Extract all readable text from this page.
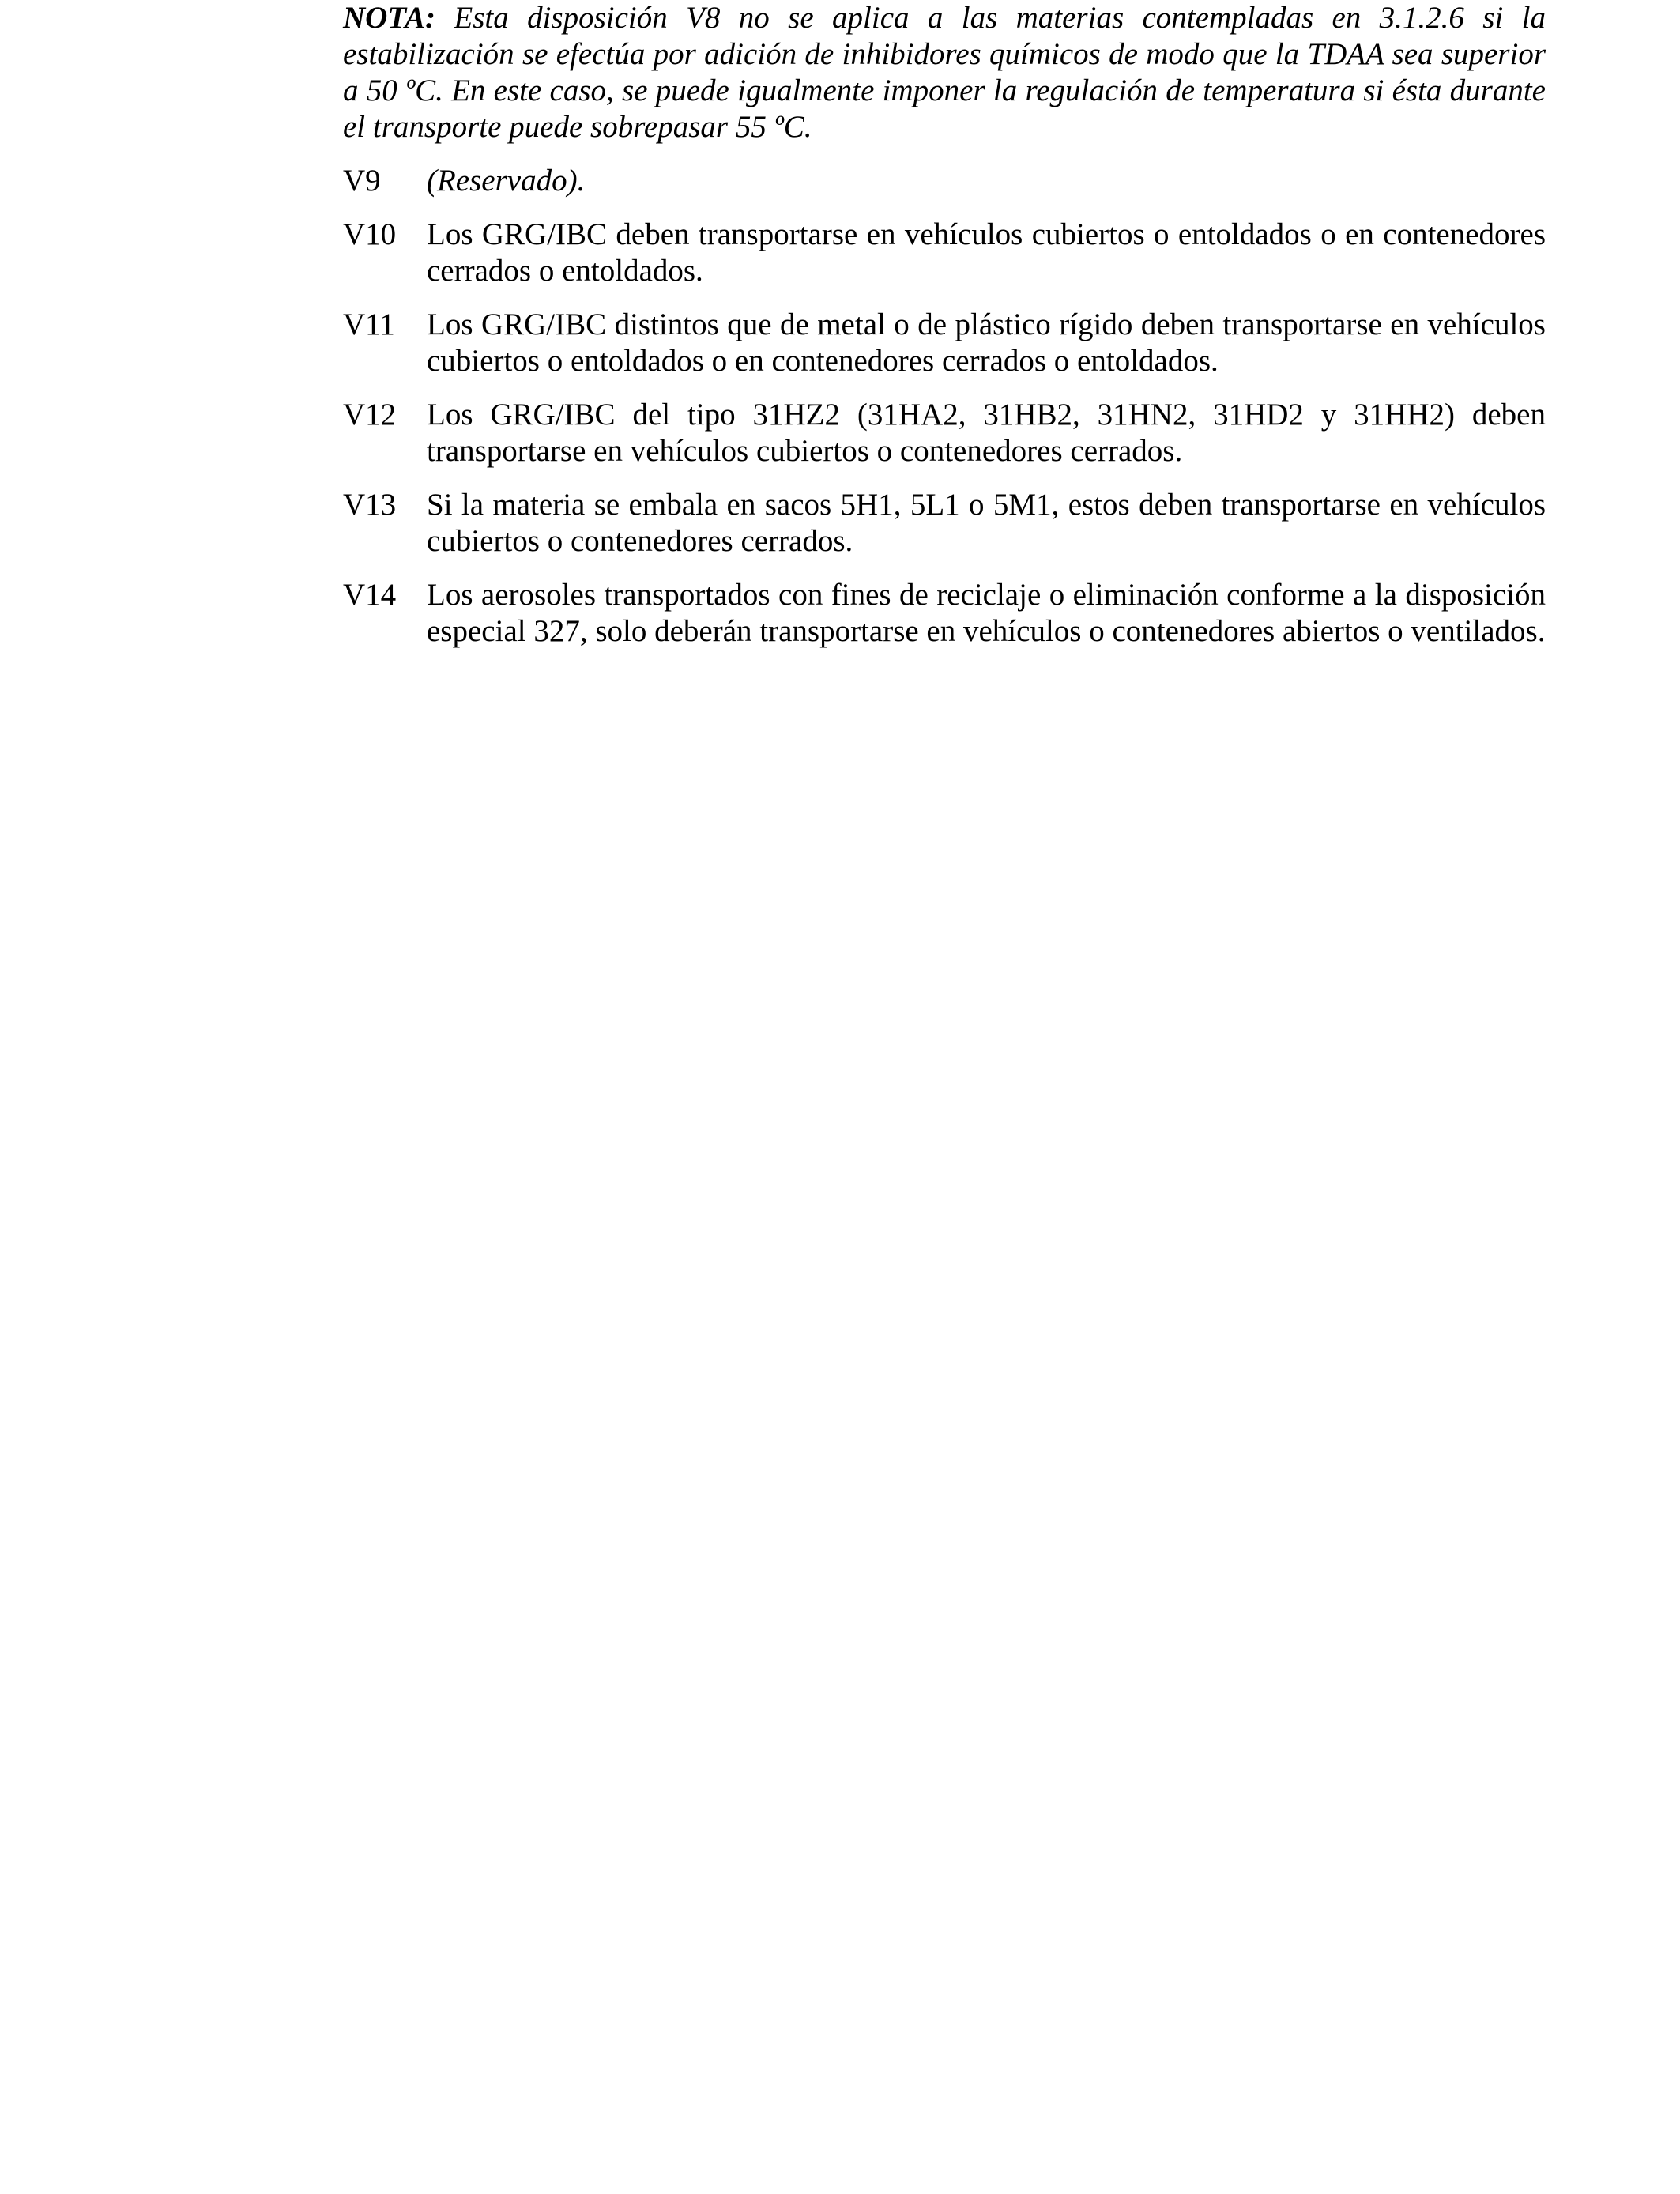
NOTA: Esta disposición V8 no se aplica a las materias contempladas en 3.1.2.6 si la estabilización se efectúa por adición de inhibidores químicos de modo que la TDAA sea superior a 50 ºC. En este caso, se puede igualmente imponer la regulación de temperatura si ésta durante el transporte puede sobrepasar 55 ºC.

V9	(Reservado).
V10 Los GRG/IBC deben transportarse en vehículos cubiertos o entoldados o en contenedores cerrados o entoldados.
V11	Los GRG/IBC distintos que de metal o de plástico rígido deben transportarse en vehículos cubiertos o entoldados o en contenedores cerrados o entoldados.
V12 Los GRG/IBC del tipo 31HZ2 (31HA2, 31HB2, 31HN2, 31HD2 y 31HH2) deben transportarse en vehículos cubiertos o contenedores cerrados.
V13 Si la materia se embala en sacos 5H1, 5L1 o 5M1, estos deben transportarse en vehículos cubiertos o contenedores cerrados.
V14 Los aerosoles transportados con fines de reciclaje o eliminación conforme a la disposición especial 327, solo deberán transportarse en vehículos o contenedores abiertos o ventilados.
